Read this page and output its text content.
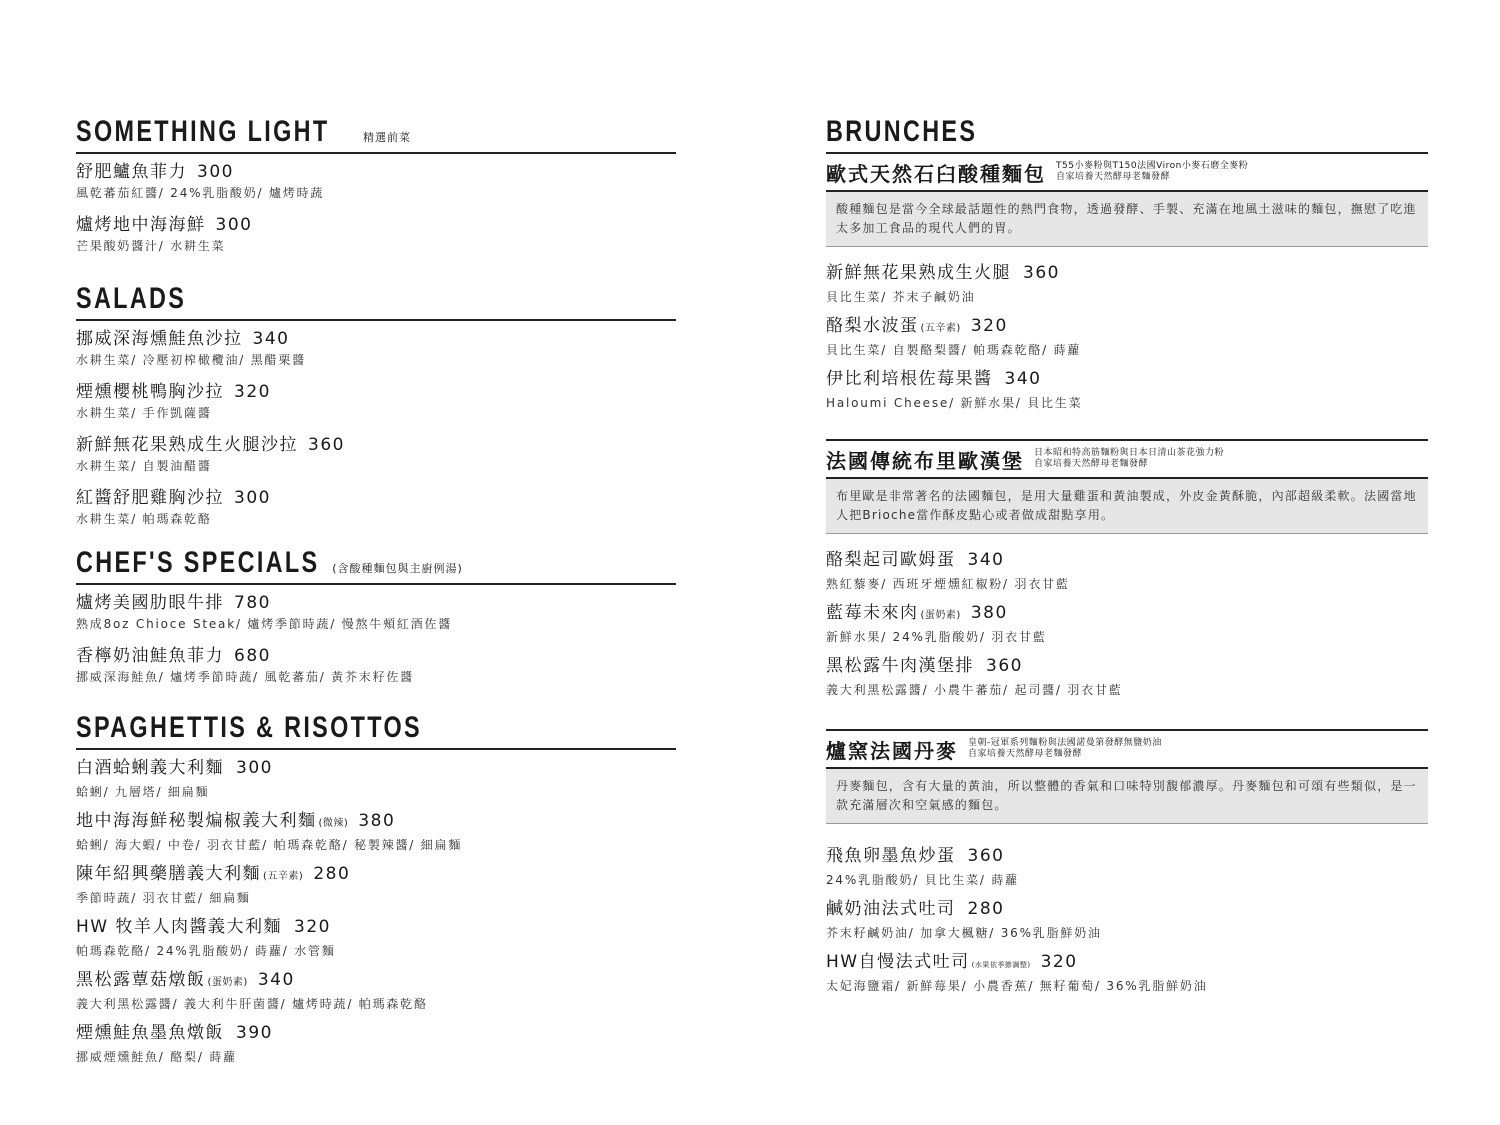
SOMETHING LIGHT	精選前菜
舒肥鱸魚菲力 300
風乾蕃茄紅醬/ 24%乳脂酸奶/ 爐烤時蔬
爐烤地中海海鮮 300
芒果酸奶醬汁/ 水耕生菜
SALADS
挪威深海燻鮭魚沙拉 340
水耕生菜/ 冷壓初榨橄欖油/ 黑醋栗醬
煙燻櫻桃鴨胸沙拉 320
水耕生菜/ 手作凱薩醬
新鮮無花果熟成生火腿沙拉 360
水耕生菜/ 自製油醋醬
紅醬舒肥雞胸沙拉 300
水耕生菜/ 帕瑪森乾酪
CHEF'S SPECIALS (含酸種麵包與主廚例湯)
爐烤美國肋眼牛排 780
熟成8oz Chioce Steak/ 爐烤季節時蔬/ 慢熬牛頰紅酒佐醬
香檸奶油鮭魚菲力 680
挪威深海鮭魚/ 爐烤季節時蔬/ 風乾蕃茄/ 黃芥末籽佐醬
SPAGHETTIS & RISOTTOS
白酒蛤蜊義大利麵 300
蛤蜊/ 九層塔/ 細扁麵
地中海海鮮秘製煸椒義大利麵 (微辣) 380
蛤蜊/ 海大蝦/ 中卷/ 羽衣甘藍/ 帕瑪森乾酪/ 秘製辣醬/ 細扁麵
陳年紹興藥膳義大利麵 (五辛素) 280
季節時蔬/ 羽衣甘藍/ 細扁麵
HW 牧羊人肉醬義大利麵 320
帕瑪森乾酪/ 24%乳脂酸奶/ 蒔蘿/ 水管麵
黑松露蕈菇燉飯 (蛋奶素) 340
義大利黑松露醬/ 義大利牛肝菌醬/ 爐烤時蔬/ 帕瑪森乾酪
煙燻鮭魚墨魚燉飯 390
挪威煙燻鮭魚/ 酪梨/ 蒔蘿
BRUNCHES
歐式天然石臼酸種麵包 T55小麥粉與T150法國Viron小麥石磨全麥粉
自家培養天然酵母老麵發酵
酸種麵包是當今全球最話題性的熱門食物，透過發酵、手製、充滿在地風土滋味的麵包，撫慰了吃進太多加工食品的現代人們的胃。
新鮮無花果熟成生火腿 360
貝比生菜/ 芥末子鹹奶油
酪梨水波蛋 (五辛素) 320
貝比生菜/ 自製酪梨醬/ 帕瑪森乾酪/ 蒔蘿
伊比利培根佐莓果醬 340
Haloumi Cheese/ 新鮮水果/ 貝比生菜
法國傳統布里歐漢堡 日本昭和特高筋麵粉與日本日清山茶花強力粉
自家培養天然酵母老麵發酵
布里歐是非常著名的法國麵包，是用大量雞蛋和黃油製成，外皮金黃酥脆，內部超級柔軟。法國當地人把Brioche當作酥皮點心或者做成甜點享用。
酪梨起司歐姆蛋 340
熟紅藜麥/ 西班牙煙燻紅椒粉/ 羽衣甘藍
藍莓未來肉 (蛋奶素) 380
新鮮水果/ 24%乳脂酸奶/ 羽衣甘藍
黑松露牛肉漢堡排 360
義大利黑松露醬/ 小農牛蕃茄/ 起司醬/ 羽衣甘藍
爐窯法國丹麥 皇朝-冠軍系列麵粉與法國諾曼第發酵無鹽奶油
自家培養天然酵母老麵發酵
丹麥麵包，含有大量的黃油，所以整體的香氣和口味特別馥郁濃厚。丹麥麵包和可頌有些類似，是一款充滿層次和空氣感的麵包。
飛魚卵墨魚炒蛋 360
24%乳脂酸奶/ 貝比生菜/ 蒔蘿
鹹奶油法式吐司 280
芥末籽鹹奶油/ 加拿大楓糖/ 36%乳脂鮮奶油
HW自慢法式吐司 (水果依季節調整) 320
太妃海鹽霜/ 新鮮莓果/ 小農香蕉/ 無籽葡萄/ 36%乳脂鮮奶油
